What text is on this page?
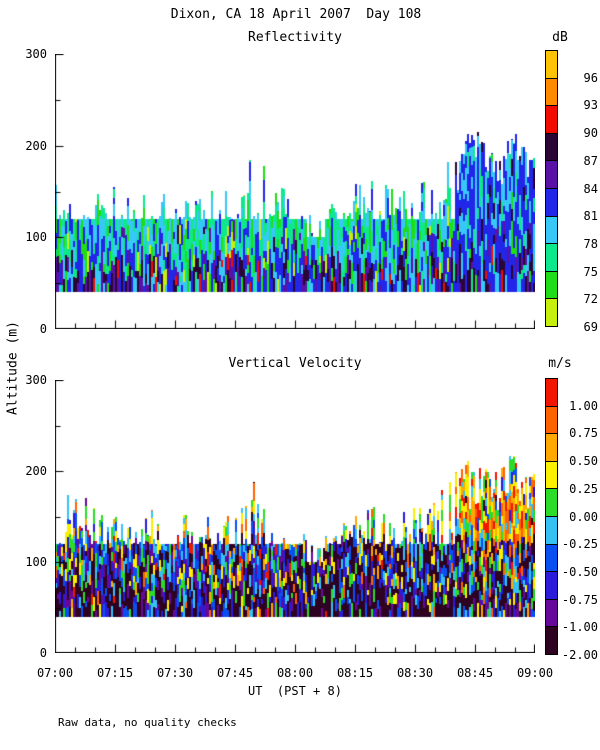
Dixon, CA 18 April 2007  Day 108
Reflectivity	dB
Vertical Velocity	m/s
Altitude (m)
UT  (PST + 8)
Raw data, no quality checks
0
100
200
300
96
93
90
87
84
81
78
75
72
69
0
100
200
300
07:00 07:15 07:30 07:45 08:00 08:15 08:30 08:45 09:00
1.00
0.75
0.50
0.25
0.00
-0.25
-0.50
-0.75
-1.00
-2.00
